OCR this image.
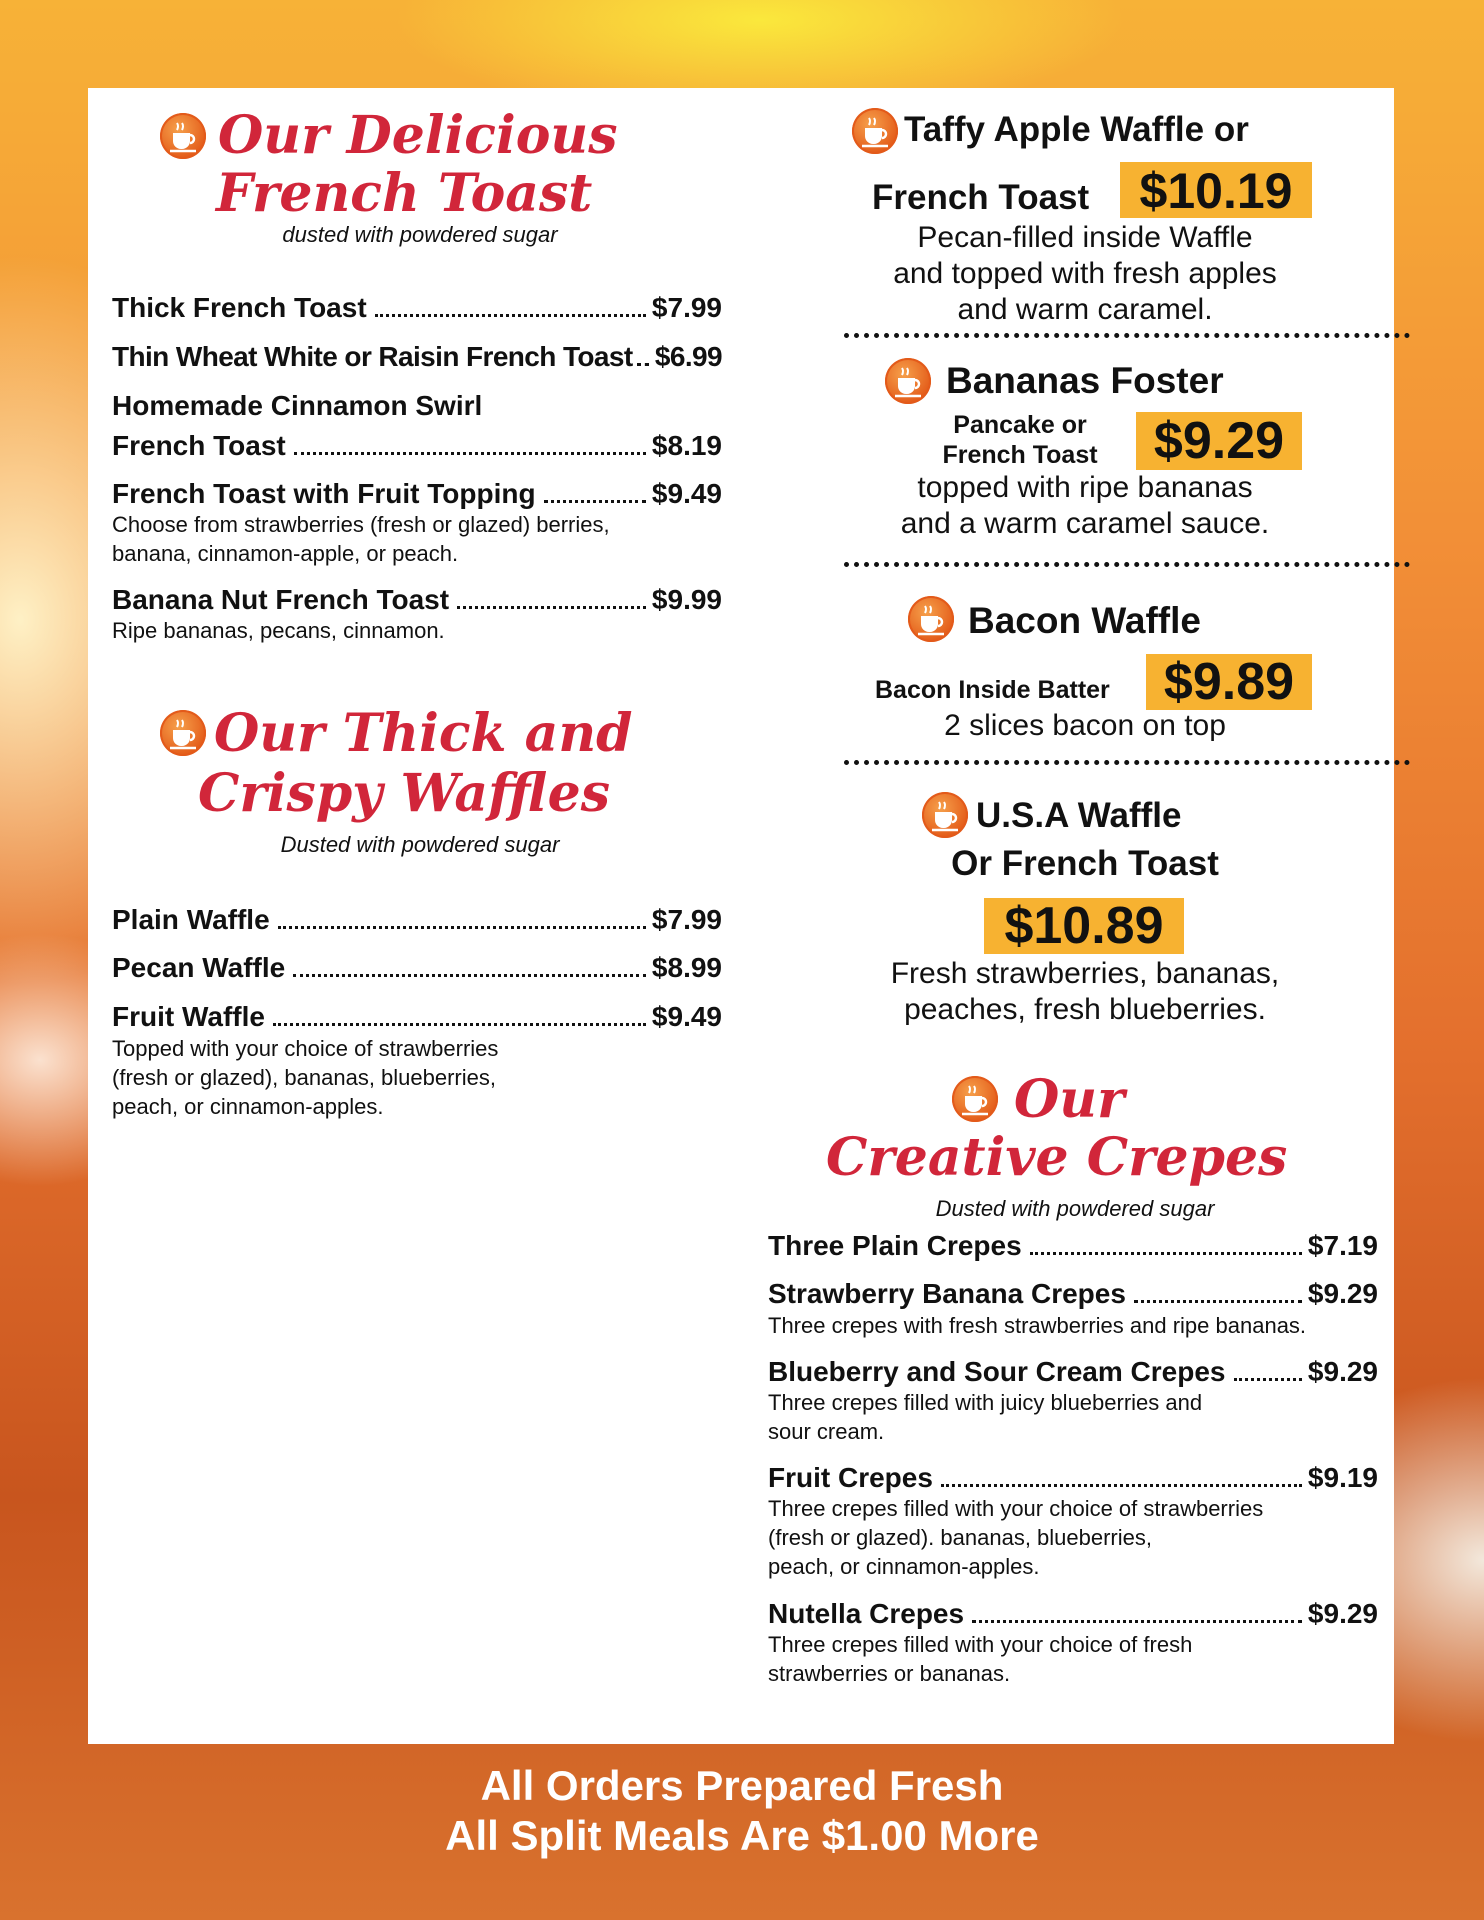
Our Delicious
French Toast
dusted with powdered sugar
Thick French Toast	$7.99
Thin Wheat White or Raisin French Toast $6.99
Homemade Cinnamon Swirl
French Toast	$8.19
French Toast with Fruit Topping	$9.49
Choose from strawberries (fresh or glazed) berries,
banana, cinnamon-apple, or peach.
Banana Nut French Toast	$9.99
Ripe bananas, pecans, cinnamon.
Our Thick and
Crispy Waffles
Dusted with powdered sugar
Plain Waffle	$7.99
Pecan Waffle	$8.99
Fruit Waffle	$9.49
Topped with your choice of strawberries
(fresh or glazed), bananas, blueberries,
peach, or cinnamon-apples.
Taffy Apple Waffle or
French Toast	$10.19
Pecan-filled inside Waffle
and topped with fresh apples
and warm caramel.
Bananas Foster
Pancake or
French Toast	$9.29
topped with ripe bananas
and a warm caramel sauce.
Bacon Waffle
Bacon Inside Batter	$9.89
2 slices bacon on top
U.S.A Waffle
Or French Toast
$10.89
Fresh strawberries, bananas,
peaches, fresh blueberries.
Our
Creative Crepes
Dusted with powdered sugar
Three Plain Crepes	$7.19
Strawberry Banana Crepes	$9.29
Three crepes with fresh strawberries and ripe bananas.
Blueberry and Sour Cream Crepes	$9.29
Three crepes filled with juicy blueberries and
sour cream.
Fruit Crepes	$9.19
Three crepes filled with your choice of strawberries
(fresh or glazed). bananas, blueberries,
peach, or cinnamon-apples.
Nutella Crepes	$9.29
Three crepes filled with your choice of fresh
strawberries or bananas.
All Orders Prepared Fresh
All Split Meals Are $1.00 More
